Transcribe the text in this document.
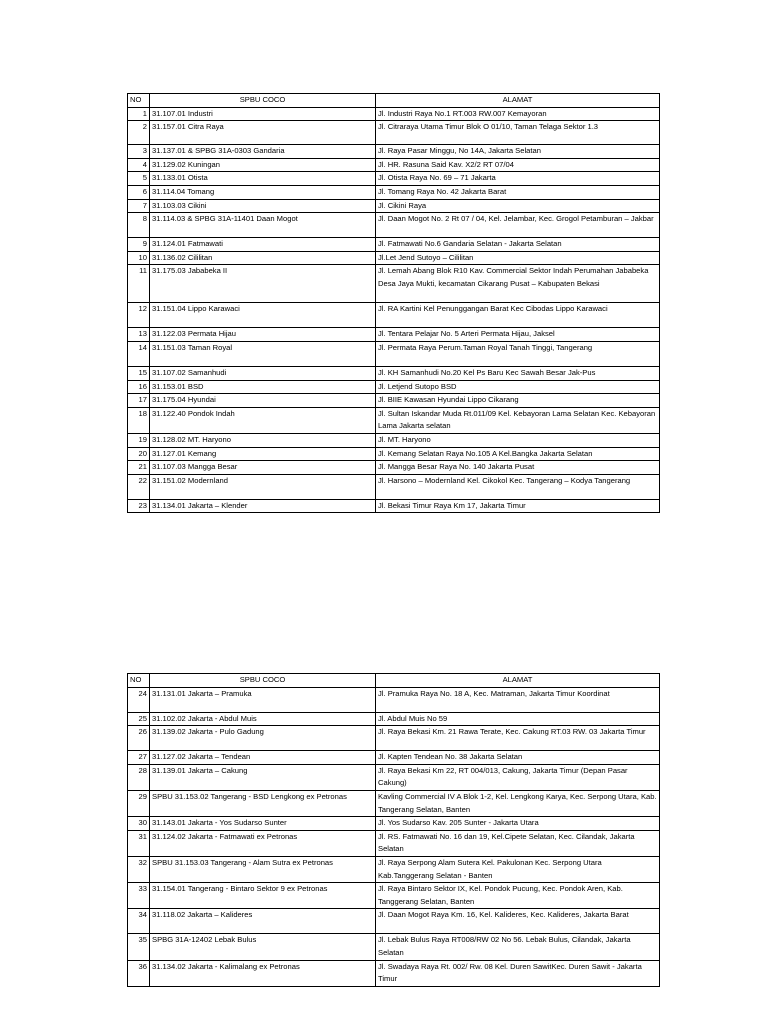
NO	SPBU COCO	ALAMAT
1	31.107.01 Industri	Jl. Industri Raya No.1 RT.003 RW.007 Kemayoran
2	31.157.01 Citra Raya	Jl. Citraraya Utama Timur Blok O 01/10, Taman Telaga Sektor 1.3
3	31.137.01 & SPBG 31A-0303 Gandaria	Jl. Raya Pasar Minggu, No 14A, Jakarta Selatan
4	31.129.02 Kuningan	Jl. HR. Rasuna Said Kav. X2/2 RT 07/04
5	31.133.01 Otista	Jl. Otista Raya No. 69 – 71 Jakarta
6	31.114.04 Tomang	Jl. Tomang Raya No. 42 Jakarta Barat
7	31.103.03 Cikini	Jl. Cikini Raya
8	31.114.03 & SPBG 31A-11401 Daan Mogot	Jl. Daan Mogot No. 2 Rt 07 / 04, Kel. Jelambar, Kec. Grogol Petamburan – Jakbar
9	31.124.01 Fatmawati	Jl. Fatmawati No.6 Gandaria Selatan - Jakarta Selatan
10	31.136.02 Cililitan	Jl.Let Jend Sutoyo – Cililitan
11	31.175.03 Jababeka II	Jl. Lemah Abang Blok R10 Kav. Commercial Sektor Indah Perumahan Jababeka Desa Jaya Mukti, kecamatan Cikarang Pusat – Kabupaten Bekasi
12	31.151.04 Lippo Karawaci	Jl. RA Kartini Kel Penunggangan Barat Kec Cibodas Lippo Karawaci
13	31.122.03 Permata Hijau	Jl. Tentara Pelajar No. 5 Arteri Permata Hijau, Jaksel
14	31.151.03 Taman Royal	Jl. Permata Raya Perum.Taman Royal Tanah Tinggi, Tangerang
15	31.107.02 Samanhudi	Jl. KH Samanhudi No.20 Kel Ps Baru Kec Sawah Besar Jak-Pus
16	31.153.01 BSD	Jl. Letjend Sutopo BSD
17	31.175.04 Hyundai	Jl. BIIE Kawasan Hyundai Lippo Cikarang
18	31.122.40 Pondok Indah	Jl. Sultan Iskandar Muda Rt.011/09 Kel. Kebayoran Lama Selatan Kec. Kebayoran Lama Jakarta selatan
19	31.128.02 MT. Haryono	Jl. MT. Haryono
20	31.127.01 Kemang	Jl. Kemang Selatan Raya No.105 A Kel.Bangka Jakarta Selatan
21	31.107.03 Mangga Besar	Jl. Mangga Besar Raya No. 140 Jakarta Pusat
22	31.151.02 Modernland	Jl. Harsono – Modernland Kel. Cikokol Kec. Tangerang – Kodya Tangerang
23	31.134.01 Jakarta – Klender	Jl. Bekasi Timur Raya Km 17, Jakarta Timur
NO	SPBU COCO	ALAMAT
24	31.131.01 Jakarta – Pramuka	Jl. Pramuka Raya No. 18 A, Kec. Matraman, Jakarta Timur Koordinat
25	31.102.02 Jakarta - Abdul Muis	Jl. Abdul Muis No 59
26	31.139.02 Jakarta - Pulo Gadung	Jl. Raya Bekasi Km. 21 Rawa Terate, Kec. Cakung RT.03 RW. 03 Jakarta Timur
27	31.127.02 Jakarta – Tendean	Jl. Kapten Tendean No. 38 Jakarta Selatan
28	31.139.01 Jakarta – Cakung	Jl. Raya Bekasi Km 22, RT 004/013, Cakung, Jakarta Timur (Depan Pasar Cakung)
29	SPBU 31.153.02 Tangerang - BSD Lengkong ex Petronas	Kavling Commercial IV A Blok 1-2, Kel. Lengkong Karya, Kec. Serpong Utara, Kab. Tangerang Selatan, Banten
30	31.143.01 Jakarta - Yos Sudarso Sunter	Jl. Yos Sudarso Kav. 205 Sunter - Jakarta Utara
31	31.124.02 Jakarta - Fatmawati ex Petronas	Jl. RS. Fatmawati No. 16 dan 19, Kel.Cipete Selatan, Kec. Cilandak, Jakarta Selatan
32	SPBU 31.153.03 Tangerang - Alam Sutra ex Petronas	Jl. Raya Serpong Alam Sutera Kel. Pakulonan Kec. Serpong Utara Kab.Tanggerang Selatan - Banten
33	31.154.01 Tangerang - Bintaro Sektor 9 ex Petronas	Jl. Raya Bintaro Sektor IX, Kel. Pondok Pucung, Kec. Pondok Aren, Kab. Tanggerang Selatan, Banten
34	31.118.02 Jakarta – Kalideres	Jl. Daan Mogot Raya Km. 16, Kel. Kalideres, Kec. Kalideres, Jakarta Barat
35	SPBG 31A-12402 Lebak Bulus	Jl. Lebak Bulus Raya RT008/RW 02 No 56. Lebak Bulus, Cilandak, Jakarta Selatan
36	31.134.02 Jakarta - Kalimalang ex Petronas	Jl. Swadaya Raya Rt. 002/ Rw. 08 Kel. Duren SawitKec. Duren Sawit - Jakarta Timur
